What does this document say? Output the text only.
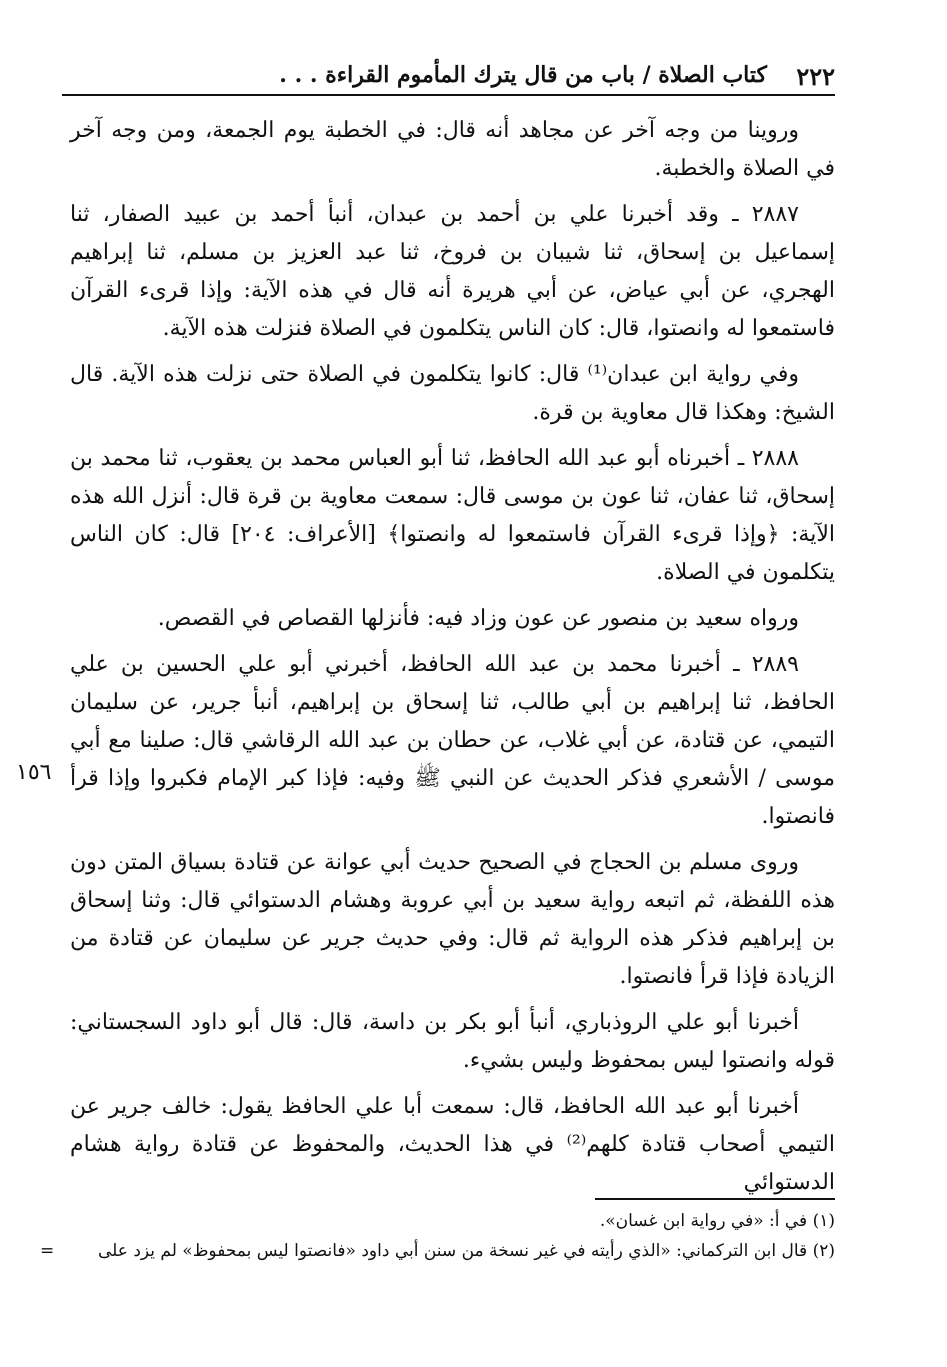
٢٢٢
كتاب الصلاة / باب من قال يترك المأموم القراءة . . .
١٥٦

وروينا من وجه آخر عن مجاهد أنه قال: في الخطبة يوم الجمعة، ومن وجه آخر في الصلاة والخطبة.

٢٨٨٧ ـ وقد أخبرنا علي بن أحمد بن عبدان، أنبأ أحمد بن عبيد الصفار، ثنا إسماعيل بن إسحاق، ثنا شيبان بن فروخ، ثنا عبد العزيز بن مسلم، ثنا إبراهيم الهجري، عن أبي عياض، عن أبي هريرة أنه قال في هذه الآية: وإذا قرىء القرآن فاستمعوا له وانصتوا، قال: كان الناس يتكلمون في الصلاة فنزلت هذه الآية.

وفي رواية ابن عبدان⁽¹⁾ قال: كانوا يتكلمون في الصلاة حتى نزلت هذه الآية. قال الشيخ: وهكذا قال معاوية بن قرة.

٢٨٨٨ ـ أخبرناه أبو عبد الله الحافظ، ثنا أبو العباس محمد بن يعقوب، ثنا محمد بن إسحاق، ثنا عفان، ثنا عون بن موسى قال: سمعت معاوية بن قرة قال: أنزل الله هذه الآية: ﴿وإذا قرىء القرآن فاستمعوا له وانصتوا﴾ [الأعراف: ٢٠٤] قال: كان الناس يتكلمون في الصلاة.

ورواه سعيد بن منصور عن عون وزاد فيه: فأنزلها القصاص في القصص.

٢٨٨٩ ـ أخبرنا محمد بن عبد الله الحافظ، أخبرني أبو علي الحسين بن علي الحافظ، ثنا إبراهيم بن أبي طالب، ثنا إسحاق بن إبراهيم، أنبأ جرير، عن سليمان التيمي، عن قتادة، عن أبي غلاب، عن حطان بن عبد الله الرقاشي قال: صلينا مع أبي موسى / الأشعري فذكر الحديث عن النبي ﷺ وفيه: فإذا كبر الإمام فكبروا وإذا قرأ فانصتوا.

وروى مسلم بن الحجاج في الصحيح حديث أبي عوانة عن قتادة بسياق المتن دون هذه اللفظة، ثم اتبعه رواية سعيد بن أبي عروبة وهشام الدستوائي قال: وثنا إسحاق بن إبراهيم فذكر هذه الرواية ثم قال: وفي حديث جرير عن سليمان عن قتادة من الزيادة فإذا قرأ فانصتوا.

أخبرنا أبو علي الروذباري، أنبأ أبو بكر بن داسة، قال: قال أبو داود السجستاني: قوله وانصتوا ليس بمحفوظ وليس بشيء.

أخبرنا أبو عبد الله الحافظ، قال: سمعت أبا علي الحافظ يقول: خالف جرير عن التيمي أصحاب قتادة كلهم⁽²⁾ في هذا الحديث، والمحفوظ عن قتادة رواية هشام الدستوائي

(١) في أ: «في رواية ابن غسان».

(٢) قال ابن التركماني: «الذي رأيته في غير نسخة من سنن أبي داود «فانصتوا ليس بمحفوظ» لم يزد على
=
